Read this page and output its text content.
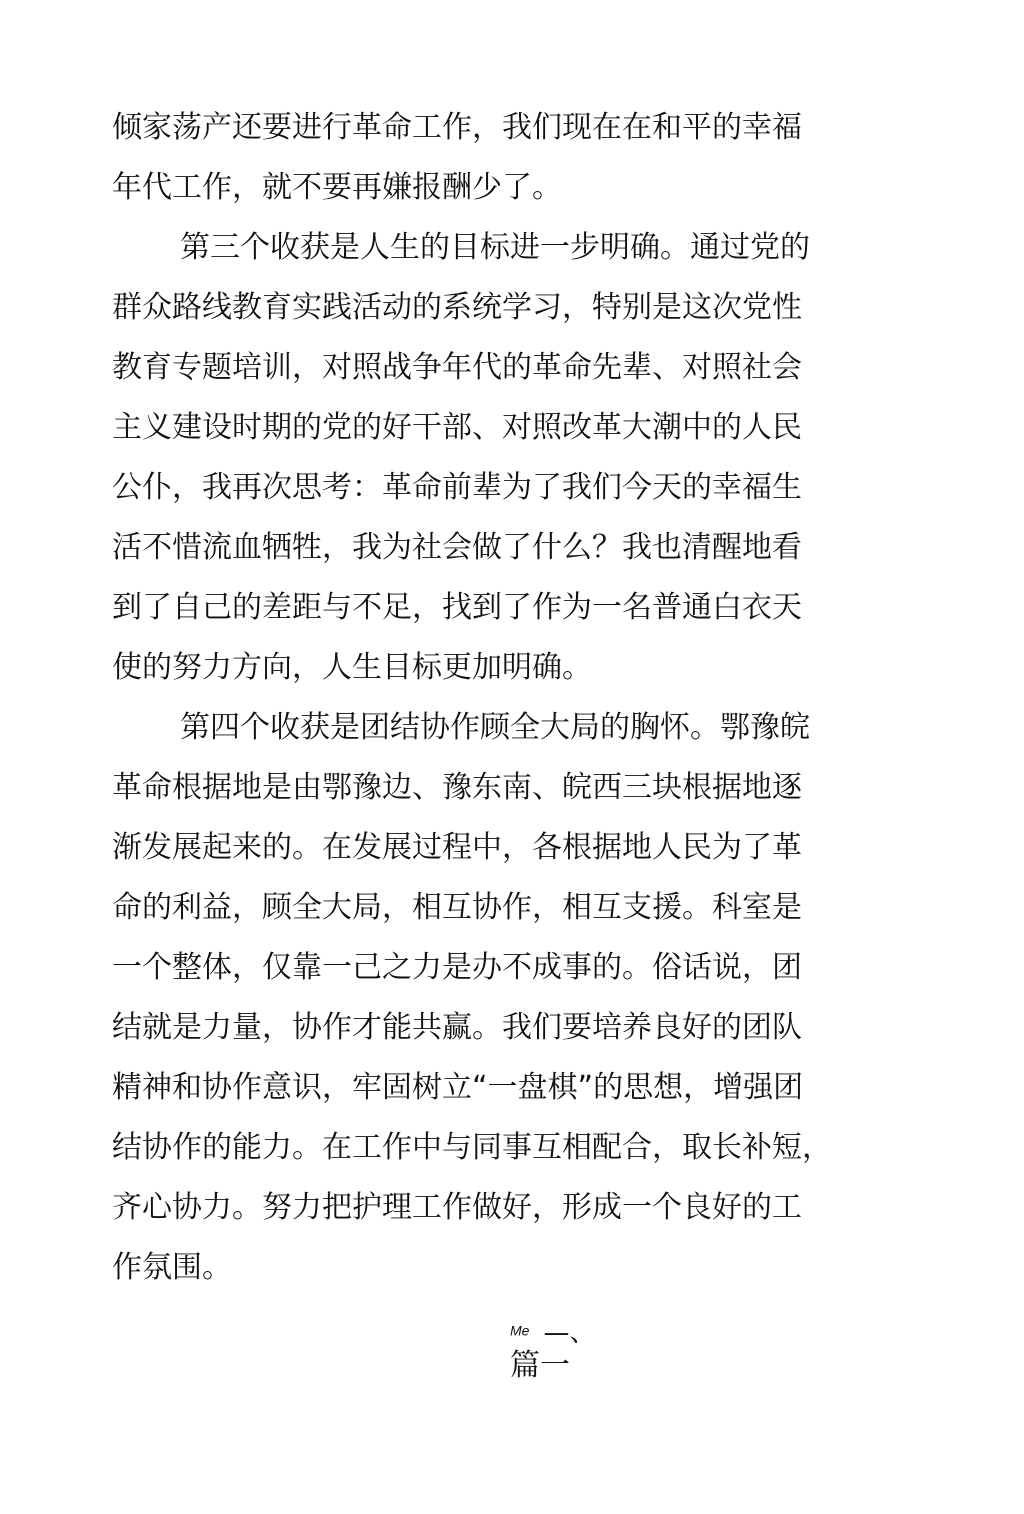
倾家荡产还要进行革命工作，我们现在在和平的幸福
年代工作，就不要再嫌报酬少了。
第三个收获是人生的目标进一步明确。通过党的
群众路线教育实践活动的系统学习，特别是这次党性
教育专题培训，对照战争年代的革命先辈、对照社会
主义建设时期的党的好干部、对照改革大潮中的人民
公仆，我再次思考：革命前辈为了我们今天的幸福生
活不惜流血牺牲，我为社会做了什么？我也清醒地看
到了自己的差距与不足，找到了作为一名普通白衣天
使的努力方向，人生目标更加明确。
第四个收获是团结协作顾全大局的胸怀。鄂豫皖
革命根据地是由鄂豫边、豫东南、皖西三块根据地逐
渐发展起来的。在发展过程中，各根据地人民为了革
命的利益，顾全大局，相互协作，相互支援。科室是
一个整体，仅靠一己之力是办不成事的。俗话说，团
结就是力量，协作才能共赢。我们要培养良好的团队
精神和协作意识，牢固树立“一盘棋”的思想，增强团
结协作的能力。在工作中与同事互相配合，取长补短，
齐心协力。努力把护理工作做好，形成一个良好的工
作氛围。
Me —、
篇一
